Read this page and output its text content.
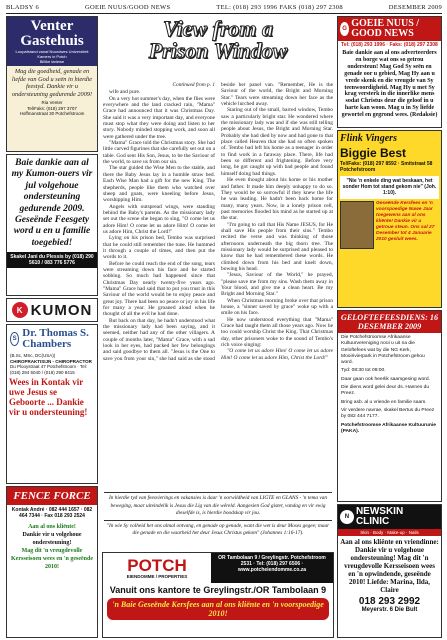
BLADSY 6	GOEIE NUUS/GOOD NEWS	TEL: (018) 293 1996 FAKS (018) 297 2308	DESEMBER 2009
Venter Gastehuis
Loopafstand vanaf Noordwes Universiteit
Kamers in Potch
Billike tariewe
Mag die goedheid, genade en liefde van God u seën in hierdie feestyd. Dankie vir u ondersteuning gedurende 2009!
Ria Venter
Tel/Faks: (018) 297 3707
Hoffmanstraat 30 Potchefstroom
Baie dankie aan al my Kumon-ouers vir jul volgehoue ondersteuning gedurende 2009. Geseënde Feesgety word u en u familie toegebied!
Skakel Jani du Plessis by (018) 290 5610 / 083 776 5776
K KUMON
S Dr. Thomas S. Chambers
(B.Sc, MSc, DC(USA))
CHIROPRAKTISIJN - CHIROPRACTOR
Du Plooystraat 47 Potchefstroom · Tel: (018) 294 5040 / (018) 290 8415
Wees in Kontak vir uwe Jesus se Geboorte ... Dankie vir u ondersteuning!
FENCE FORCE
Kontak André · 082 444 1657 · 082 464 7344 · Fax 018 293 2524
Aan al ons kliënte!
Dankie vir u volgehoue ondersteuning!
Mag dit 'n vreugdevolle Kersseisoen wees en 'n geseënde 2010!
View from a
Prison Window
Continued from p. 1

wife and pure.

On a very hot summer's day, when the flies were everywhere and the land cracked rain, "Mama" Grace had announced that it was Christmas Day. She said it was a very important day, and everyone must stop what they were doing and listen to her story. Nobody minded stopping work, and soon all were gathered under the tree.

"Mama" Grace told the Christmas story. She had little carved figurines that she carefully set out on a table. God sent His Son, Jesus, to be the Saviour of the world, to save us from our sin.

The star guided the Wise Men to the stable, and there the Baby Jesus lay in a humble straw bed. Each Wise Man had a gift for the new King. The shepherds, people like them who watched over sheep and goats, were kneeling before Jesus, worshipping Him.

Angels with outspread wings, were standing behind the Baby's parents. As the missionary lady set out the scene she began to sing, "O come let us adore Him! O come let us adore Him! O come let us adore Him, Christ the Lord!"

Lying on his prison bed, Tembo was surprised that he could still remember the tune. He hummed it through a couple of times, and then put the words to it.

Before he could reach the end of the song, tears were streaming down his face and he started sobbing. So much had happened since that Christmas Day nearly twenty-five years ago. "Mama" Grace had said that to put you trust in this Saviour of the world would be to enjoy peace and great joy. There had been no peace or joy in his life for many a year. He groaned aloud when he thought of all the evil he had done.

But back on that day, he hadn't understood what the missionary lady had been saying, and it seemed, neither had any of the other villagers. A couple of months later, "Mama" Grace, with a sad look in her eyes, had packed her few belongings and said goodbye to them all. "Jesus is the One to save you from your sin," she had said as she stood beside her panel van. "Remember, He is the Saviour of the world, the Bright and Morning Star." Tears were streaming down her face as the vehicle lurched away.

Staring out of the small, barred window, Tembo saw a particularly bright star. He wondered where the missionary lady was and if she was still telling people about Jesus, the Bright and Morning Star. Probably she had died by now and had gone to that place called Heaven that she had so often spoken of. Tembo had left his home as a teenager in order to find work in a faraway place. There, life had been so different and frightening. Before very long, he got caught up with bad people and found himself doing bad things.

He even thought about his home or his mother and father. It made him deeply unhappy to do so. They would be so sorrowful if they knew the life he was leading. He hadn't been back home for many, many years. Now, in a lonely prison cell, past memories flooded his mind as he started up at the star.

"I'm going to call that His Name JESUS, for He shall save His people from their sins." Tembo recited the verse and was thinking of those afternoons underneath the big thorn tree. The missionary lady would be surprised and pleased to know that he had remembered these words. He climbed down from his bed and knelt down, bowing his head.

"Jesus, Saviour of the World," he prayed, "please save me from my sins. Wash them away in Your blood, and give me a clean heart. Be my Bright and Morning Star."

When Christmas morning broke over that prison house, a "sinner saved by grace" woke up with a smile on his face.

He now understood everything that "Mama" Grace had taught them all those years ago. Now he too could worship Christ the King. That Christmas day, other prisoners woke to the sound of Tembo's rich voice singing:

"O come let us adore Him! O come let us adore Him! O come let us adore Him, Christ the Lord!"

In hierdie tyd van feesvierings en vakansies is daar 'n oorwildheid van LIGTE en GLANS - 'n tema van beweging, maar uiteindelik is Jesus die Lig van die wêreld. Aangesien God gister, vandag en vir ewig dieselfde is, is hierdie boodskap vir jou.
"In wie Sy volheid het ons almal ontvang, en genade op genade, want die wet is deur Moses gegee; maar die genade en die waarheid het deur Jesus Christus gekom" (Johannes 1:16-17).
POTCH
EIENDOMME / PROPERTIES
OR Tambolaan 9 / Greylingstr. Potchefstroom 2531 · Tel: (018) 297 6506 · www.potcheiendomme.co.za
Vanuit ons kantore te Greylingstr./OR Tambolaan 9
'n Baie Geseënde Kersfees aan al ons kliënte en 'n voorspoedige 2010!
G GOEIE NUUS / GOOD NEWS
Tel: (018) 293 1996 · Faks: (018) 297 2308
Baie dankie aan al ons adverteerders en borge wat ons so getrou ondersteun! Mag God Sy seën en genade oor u gebied, Mag Hy aan u vrede skenk en die vreugde van Sy teenwoordigheid. Mag Hy u met Sy krag versterk in die innerlike mens sodat Christus deur die geloof in u harte kan woon. Mag u in Sy liefde gewortel en gegrond wees. (Redaksie)
Flink Vingers
Biggie Best
Tel/Faks: (018) 297 8592 · Smitstraat 58 Potchefstroom
"Nie 'n enkele ding wat beskaan, het sonder Hom tot stand gekom nie" (Joh. 1:10).
Geseënde Kersfees en 'n voorspoedige Nuwe Jaar toegewens aan al ons kliënte! Dankie vir u getroue steun. Ons sal 27 Desember tot 4 Januarie 2010 gesluit wees.
GELOFTEFEESDIENS: 16 DESEMBER 2009

Die Potchefstroomse Afrikaanse Kultuurvereniging nooi u uit na die Geloftefees wat by die NG Kerk, Mooirivierpark in Potchefstroom gehou word.

Tyd: 08:30 tot 09:00.

Daar gaan ook heerlik saamgesing word.

Die diens word gelei deur ds. Hannes du Preez.

Bring asb. al u vriende en familie saam.

Vir verdere navrae, skakel Bertus du Preez by 082 444 7177.

Potchefstroomse Afrikaanse Kultuurunie (PAKA).

N NEWSKIN CLINIC
Skin · Body · Make-up · Nails
Aan al ons kliënte en vriendinne: Dankie vir u volgehoue ondersteuning! Mag dit 'n vreugdevolle Kersseisoen wees en 'n opwindende, geseënde 2010! Liefde: Marina, Ilda, Claire
018 293 2992
Meyerstr. 6 Die Bult
